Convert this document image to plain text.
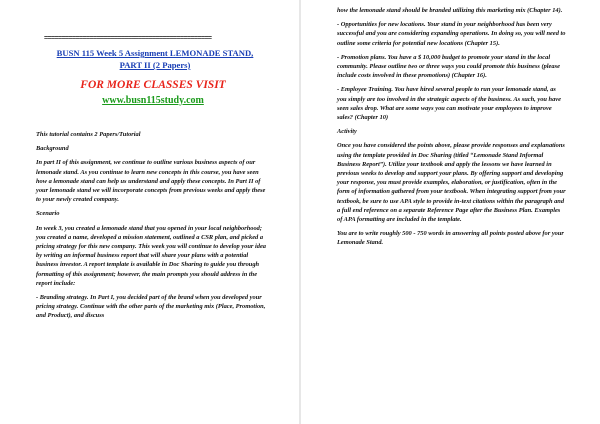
================================================
BUSN 115 Week 5 Assignment LEMONADE STAND,
PART II (2 Papers)
FOR MORE CLASSES VISIT
www.busn115study.com

This tutorial contains 2 Papers/Tutorial

Background

In part II of this assignment, we continue to outline various business aspects of our lemonade stand. As you continue to learn new concepts in this course, you have seen how a lemonade stand can help us understand and apply these concepts. In Part II of your lemonade stand we will incorporate concepts from previous weeks and apply these to your newly created company.

Scenario

In week 3, you created a lemonade stand that you opened in your local neighborhood; you created a name, developed a mission statement, outlined a CSR plan, and picked a pricing strategy for this new company. This week you will continue to develop your idea by writing an informal business report that will share your plans with a potential business investor. A report template is available in Doc Sharing to guide you through formatting of this assignment; however, the main prompts you should address in the report include:

- Branding strategy. In Part I, you decided part of the brand when you developed your pricing strategy. Continue with the other parts of the marketing mix (Place, Promotion, and Product), and discuss

how the lemonade stand should be branded utilizing this marketing mix (Chapter 14).

- Opportunities for new locations. Your stand in your neighborhood has been very successful and you are considering expanding operations. In doing so, you will need to outline some criteria for potential new locations (Chapter 15).

- Promotion plans. You have a $ 10,000 budget to promote your stand in the local community. Please outline two or three ways you could promote this business (please include costs involved in these promotions) (Chapter 16).

- Employee Training. You have hired several people to run your lemonade stand, as you simply are too involved in the strategic aspects of the business. As such, you have seen sales drop. What are some ways you can motivate your employees to improve sales? (Chapter 10)

Activity

Once you have considered the points above, please provide responses and explanations using the template provided in Doc Sharing (titled “Lemonade Stand Informal Business Report”). Utilize your textbook and apply the lessons we have learned in previous weeks to develop and support your plans. By offering support and developing your response, you must provide examples, elaboration, or justification, often in the form of information gathered from your textbook. When integrating support from your textbook, be sure to use APA style to provide in-text citations within the paragraph and a full end reference on a separate Reference Page after the Business Plan. Examples of APA formatting are included in the template.

You are to write roughly 500 - 750 words in answering all points posted above for your Lemonade Stand.
